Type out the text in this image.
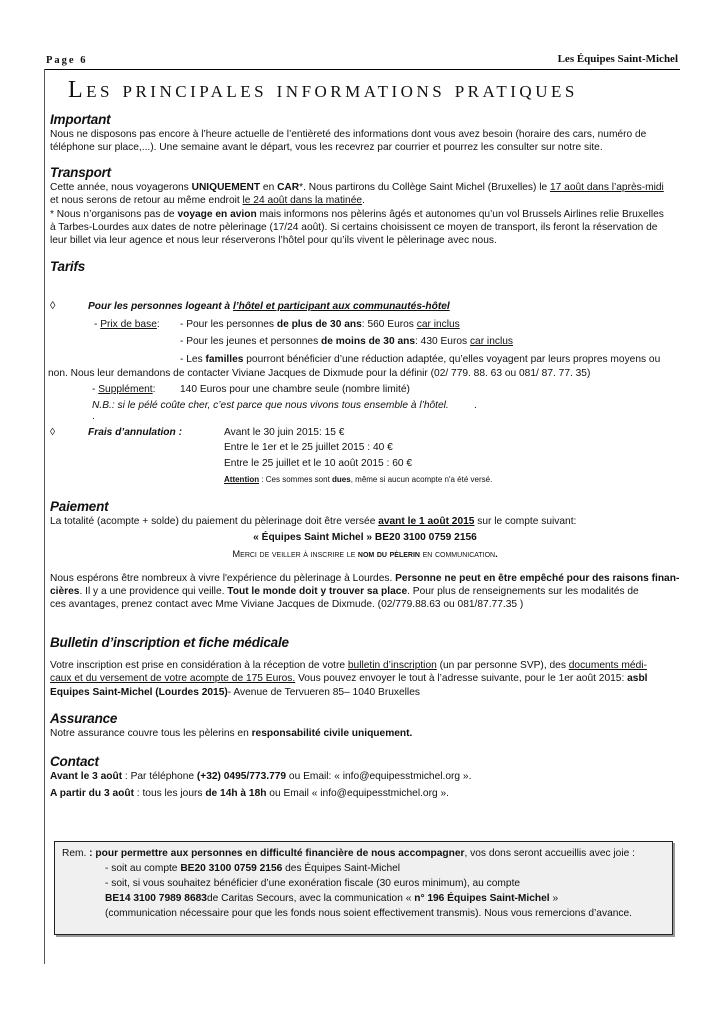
Page 6	Les Équipes Saint-Michel
Les principales informations pratiques
Important
Nous ne disposons pas encore à l’heure actuelle de l’entièreté des informations dont vous avez besoin (horaire des cars, numéro de
téléphone sur place,...). Une semaine avant le départ, vous les recevrez par courrier et pourrez les consulter sur notre site.
Transport
Cette année, nous voyagerons UNIQUEMENT en CAR*. Nous partirons du Collège Saint Michel (Bruxelles) le 17 août dans l’après-midi
et nous serons de retour au même endroit le 24 août dans la matinée.
* Nous n’organisons pas de voyage en avion mais informons nos pèlerins âgés et autonomes qu’un vol Brussels Airlines relie Bruxelles
à Tarbes-Lourdes aux dates de notre pèlerinage (17/24 août). Si certains choisissent ce moyen de transport, ils feront la réservation de
leur billet via leur agence et nous leur réserverons l’hôtel pour qu’ils vivent le pèlerinage avec nous.
Tarifs
◊	Pour les personnes logeant à l’hôtel et participant aux communautés-hôtel
- Prix de base: - Pour les personnes de plus de 30 ans: 560 Euros car inclus
- Pour les jeunes et personnes de moins de 30 ans: 430 Euros car inclus
- Les familles pourront bénéficier d’une réduction adaptée, qu’elles voyagent par leurs propres moyens ou
non. Nous leur demandons de contacter Viviane Jacques de Dixmude pour la définir (02/ 779. 88. 63 ou 081/ 87. 77. 35)
- Supplément: 140 Euros pour une chambre seule (nombre limité)
N.B.: si le pélé coûte cher, c’est parce que nous vivons tous ensemble à l’hôtel. .
.
◊	Frais d’annulation :	Avant le 30 juin 2015: 15 €
Entre le 1er et le 25 juillet 2015 : 40 €
Entre le 25 juillet et le 10 août 2015 : 60 €
Attention : Ces sommes sont dues, même si aucun acompte n'a été versé.
Paiement
La totalité (acompte + solde) du paiement du pèlerinage doit être versée avant le 1 août 2015 sur le compte suivant:
« Équipes Saint Michel » BE20 3100 0759 2156
Merci de veiller à inscrire le nom du pèlerin en communication.
Nous espérons être nombreux à vivre l'expérience du pèlerinage à Lourdes. Personne ne peut en être empêché pour des raisons finan-
cières. Il y a une providence qui veille. Tout le monde doit y trouver sa place. Pour plus de renseignements sur les modalités de
ces avantages, prenez contact avec Mme Viviane Jacques de Dixmude. (02/779.88.63 ou 081/87.77.35 )
Bulletin d’inscription et fiche médicale
Votre inscription est prise en considération à la réception de votre bulletin d’inscription (un par personne SVP), des documents médi-
caux et du versement de votre acompte de 175 Euros. Vous pouvez envoyer le tout à l’adresse suivante, pour le 1er août 2015: asbl
Equipes Saint-Michel (Lourdes 2015)- Avenue de Tervueren 85– 1040 Bruxelles
Assurance
Notre assurance couvre tous les pèlerins en responsabilité civile uniquement.
Contact
Avant le 3 août : Par téléphone (+32) 0495/773.779 ou Email: « info@equipesstmichel.org ».
A partir du 3 août : tous les jours de 14h à 18h ou Email « info@equipesstmichel.org ».
Rem. : pour permettre aux personnes en difficulté financière de nous accompagner, vos dons seront accueillis avec joie :
- soit au compte BE20 3100 0759 2156 des Équipes Saint-Michel
- soit, si vous souhaitez bénéficier d’une exonération fiscale (30 euros minimum), au compte
BE14 3100 7989 8683de Caritas Secours, avec la communication « n° 196 Équipes Saint-Michel »
(communication nécessaire pour que les fonds nous soient effectivement transmis). Nous vous remercions d’avance.
